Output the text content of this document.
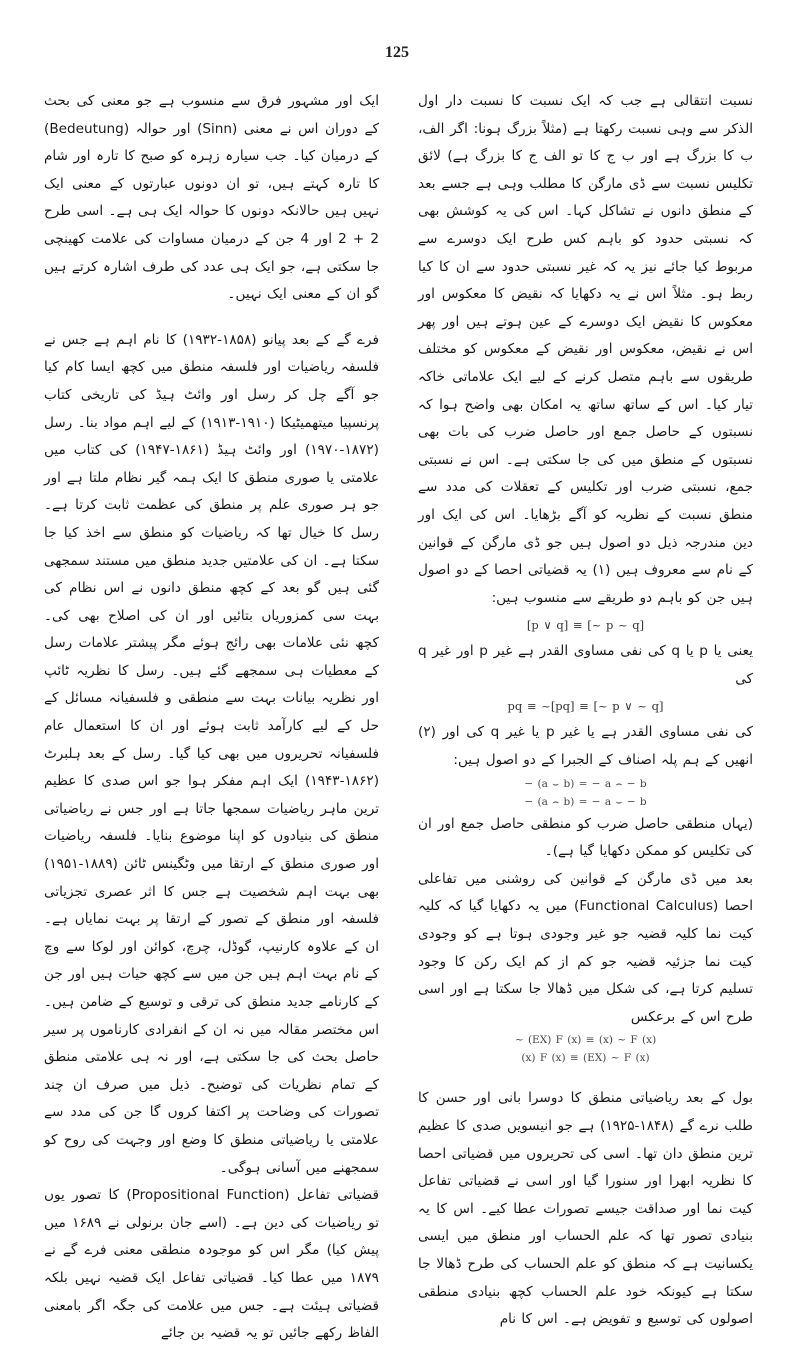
125

نسبت انتقالی ہے جب کہ ایک نسبت کا نسبت دار اول الذکر سے وہی نسبت رکھتا ہے (مثلاً بزرگ ہونا: اگر الف، ب کا بزرگ ہے اور ب ج کا تو الف ج کا بزرگ ہے) لائق تکلیس نسبت سے ڈی مارگن کا مطلب وہی ہے جسے بعد کے منطق دانوں نے تشاکل کہا۔ اس کی یہ کوشش بھی کہ نسبتی حدود کو باہم کس طرح ایک دوسرے سے مربوط کیا جائے نیز یہ کہ غیر نسبتی حدود سے ان کا کیا ربط ہو۔ مثلاً اس نے یہ دکھایا کہ نقیض کا معکوس اور معکوس کا نقیض ایک دوسرے کے عین ہوتے ہیں اور پھر اس نے نقیض، معکوس اور نقیض کے معکوس کو مختلف طریقوں سے باہم متصل کرنے کے لیے ایک علاماتی خاکہ تیار کیا۔ اس کے ساتھ ساتھ یہ امکان بھی واضح ہوا کہ نسبتوں کے حاصل جمع اور حاصل ضرب کی بات بھی نسبتوں کے منطق میں کی جا سکتی ہے۔ اس نے نسبتی جمع، نسبتی ضرب اور تکلیس کے تعقلات کی مدد سے منطق نسبت کے نظریہ کو آگے بڑھایا۔ اس کی ایک اور دین مندرجہ ذیل دو اصول ہیں جو ڈی مارگن کے قوانین کے نام سے معروف ہیں (۱) یہ قضیاتی احصا کے دو اصول ہیں جن کو باہم دو طریقے سے منسوب ہیں:

[p ∨ q] ≡ [~ p ~ q]

یعنی یا p یا q کی نفی مساوی القدر ہے غیر p اور غیر q کی

pq ≡ ~[pq] ≡ [~ p ∨ ~ q]

کی نفی مساوی القدر ہے یا غیر p یا غیر q کی اور (۲) انھیں کے ہم پلہ اصناف کے الجبرا کے دو اصول ہیں:

− (a ⌣ b) = − a ⌢ − b
− (a ⌢ b) = − a ⌣ − b

(یہاں منطقی حاصل ضرب کو منطقی حاصل جمع اور ان کی تکلیس کو ممکن دکھایا گیا ہے)۔

بعد میں ڈی مارگن کے قوانین کی روشنی میں تفاعلی احصا (Functional Calculus) میں یہ دکھایا گیا کہ کلیہ کیت نما کلیہ قضیہ جو غیر وجودی ہوتا ہے کو وجودی کیت نما جزئیہ قضیہ جو کم از کم ایک رکن کا وجود تسلیم کرتا ہے، کی شکل میں ڈھالا جا سکتا ہے اور اسی طرح اس کے برعکس

~ (EX) F (x) ≡ (x) ~ F (x)
(x) F (x) ≡ (EX) ~ F (x)

بول کے بعد ریاضیاتی منطق کا دوسرا بانی اور حسن کا طلب نرے گے (۱۸۴۸-۱۹۲۵) ہے جو انیسویں صدی کا عظیم ترین منطق دان تھا۔ اسی کی تحریروں میں قضیاتی احصا کا نظریہ ابھرا اور سنورا گیا اور اسی نے قضیاتی تفاعل کیت نما اور صداقت جیسے تصورات عطا کیے۔ اس کا یہ بنیادی تصور تھا کہ علم الحساب اور منطق میں ایسی یکسانیت ہے کہ منطق کو علم الحساب کی طرح ڈھالا جا سکتا ہے کیونکہ خود علم الحساب کچھ بنیادی منطقی اصولوں کی توسیع و تفویض ہے۔ اس کا نام

ایک اور مشہور فرق سے منسوب ہے جو معنی کی بحث کے دوران اس نے معنی (Sinn) اور حوالہ (Bedeutung) کے درمیان کیا۔ جب سیارہ زہرہ کو صبح کا تارہ اور شام کا تارہ کہتے ہیں، تو ان دونوں عبارتوں کے معنی ایک نہیں ہیں حالانکہ دونوں کا حوالہ ایک ہی ہے۔ اسی طرح 2 + 2 اور 4 جن کے درمیان مساوات کی علامت کھینچی جا سکتی ہے، جو ایک ہی عدد کی طرف اشارہ کرتے ہیں گو ان کے معنی ایک نہیں۔

فرے گے کے بعد پیانو (۱۸۵۸-۱۹۳۲) کا نام اہم ہے جس نے فلسفہ ریاضیات اور فلسفہ منطق میں کچھ ایسا کام کیا جو آگے چل کر رسل اور وائٹ ہیڈ کی تاریخی کتاب پرنسپیا میتھمیٹیکا (۱۹۱۰-۱۹۱۳) کے لیے اہم مواد بنا۔ رسل (۱۸۷۲-۱۹۷۰) اور وائٹ ہیڈ (۱۸۶۱-۱۹۴۷) کی کتاب میں علامتی یا صوری منطق کا ایک ہمہ گیر نظام ملتا ہے اور جو ہر صوری علم پر منطق کی عظمت ثابت کرتا ہے۔ رسل کا خیال تھا کہ ریاضیات کو منطق سے اخذ کیا جا سکتا ہے۔ ان کی علامتیں جدید منطق میں مستند سمجھی گئی ہیں گو بعد کے کچھ منطق دانوں نے اس نظام کی بہت سی کمزوریاں بتائیں اور ان کی اصلاح بھی کی۔ کچھ نئی علامات بھی رائج ہوئے مگر پیشتر علامات رسل کے معطیات ہی سمجھے گئے ہیں۔ رسل کا نظریہ ٹائپ اور نظریہ بیانات بہت سے منطقی و فلسفیانہ مسائل کے حل کے لیے کارآمد ثابت ہوئے اور ان کا استعمال عام فلسفیانہ تحریروں میں بھی کیا گیا۔ رسل کے بعد ہلبرٹ (۱۸۶۲-۱۹۴۳) ایک اہم مفکر ہوا جو اس صدی کا عظیم ترین ماہر ریاضیات سمجھا جاتا ہے اور جس نے ریاضیاتی منطق کی بنیادوں کو اپنا موضوع بنایا۔ فلسفہ ریاضیات اور صوری منطق کے ارتقا میں وٹگینس ٹائن (۱۸۸۹-۱۹۵۱) بھی بہت اہم شخصیت ہے جس کا اثر عصری تجزیاتی فلسفہ اور منطق کے تصور کے ارتقا پر بہت نمایاں ہے۔ ان کے علاوہ کارنیپ، گوڈل، چرچ، کوائن اور لوکا سے وچ کے نام بہت اہم ہیں جن میں سے کچھ حیات ہیں اور جن کے کارنامے جدید منطق کی ترقی و توسیع کے ضامن ہیں۔ اس مختصر مقالہ میں نہ ان کے انفرادی کارناموں پر سیر حاصل بحث کی جا سکتی ہے، اور نہ ہی علامتی منطق کے تمام نظریات کی توضیح۔ ذیل میں صرف ان چند تصورات کی وضاحت پر اکتفا کروں گا جن کی مدد سے علامتی یا ریاضیاتی منطق کا وضع اور وجہت کی روح کو سمجھنے میں آسانی ہوگی۔

قضیاتی تفاعل (Propositional Function) کا تصور یوں تو ریاضیات کی دین ہے۔ (اسے جان برنولی نے ۱۶۸۹ میں پیش کیا) مگر اس کو موجودہ منطقی معنی فرے گے نے ۱۸۷۹ میں عطا کیا۔ قضیاتی تفاعل ایک قضیہ نہیں بلکہ قضیاتی ہیئت ہے۔ جس میں علامت کی جگہ اگر بامعنی الفاظ رکھے جائیں تو یہ قضیہ بن جائے
